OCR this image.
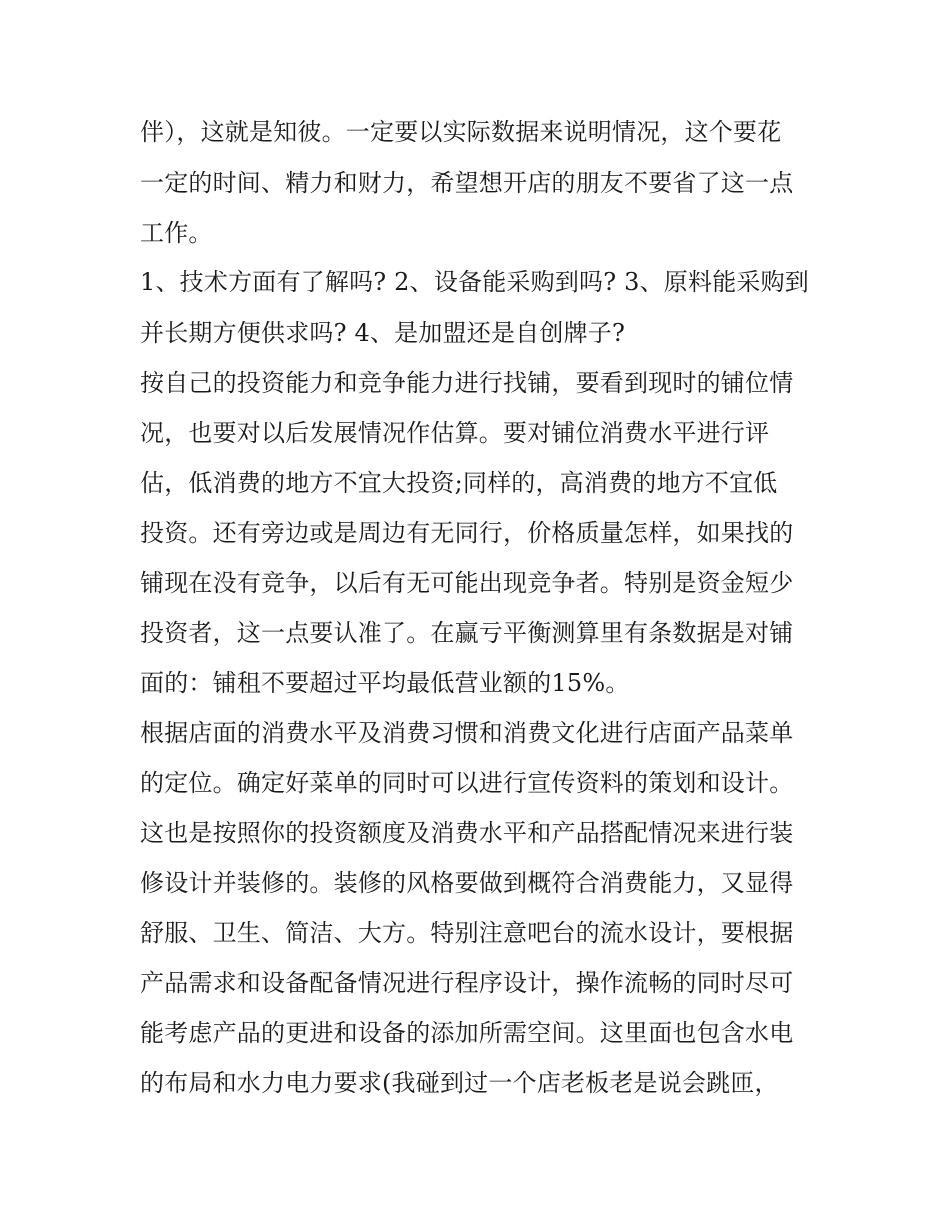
伴），这就是知彼。一定要以实际数据来说明情况，这个要花
一定的时间、精力和财力，希望想开店的朋友不要省了这一点
工作。
1、技术方面有了解吗? 2、设备能采购到吗? 3、原料能采购到
并长期方便供求吗? 4、是加盟还是自创牌子?
按自己的投资能力和竞争能力进行找铺，要看到现时的铺位情
况，也要对以后发展情况作估算。要对铺位消费水平进行评
估，低消费的地方不宜大投资;同样的，高消费的地方不宜低
投资。还有旁边或是周边有无同行，价格质量怎样，如果找的
铺现在没有竞争，以后有无可能出现竞争者。特别是资金短少
投资者，这一点要认准了。在赢亏平衡测算里有条数据是对铺
面的：铺租不要超过平均最低营业额的15%。
根据店面的消费水平及消费习惯和消费文化进行店面产品菜单
的定位。确定好菜单的同时可以进行宣传资料的策划和设计。
这也是按照你的投资额度及消费水平和产品搭配情况来进行装
修设计并装修的。装修的风格要做到概符合消费能力，又显得
舒服、卫生、简洁、大方。特别注意吧台的流水设计，要根据
产品需求和设备配备情况进行程序设计，操作流畅的同时尽可
能考虑产品的更进和设备的添加所需空间。这里面也包含水电
的布局和水力电力要求(我碰到过一个店老板老是说会跳匝，
